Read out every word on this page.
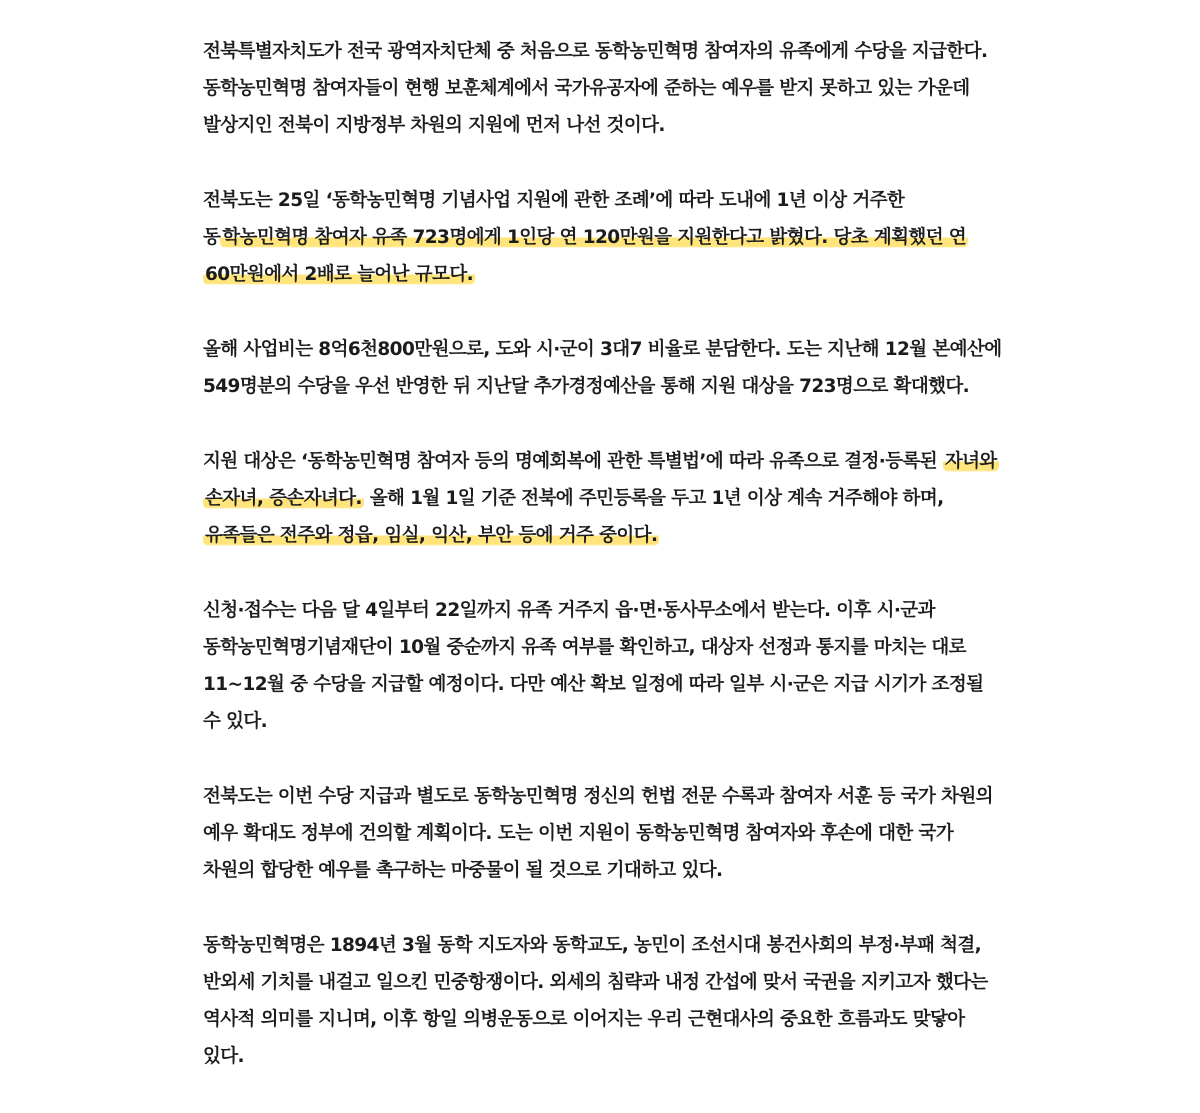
전북특별자치도가 전국 광역자치단체 중 처음으로 동학농민혁명 참여자의 유족에게 수당을 지급한다. 동학농민혁명 참여자들이 현행 보훈체계에서 국가유공자에 준하는 예우를 받지 못하고 있는 가운데 발상지인 전북이 지방정부 차원의 지원에 먼저 나선 것이다.

전북도는 25일 ‘동학농민혁명 기념사업 지원에 관한 조례’에 따라 도내에 1년 이상 거주한 동 학농민혁명 참여자 유족 723명에게 1인당 연 120만원을 지원한다고 밝혔다. 당초 계획했던 연 60만원에서 2배로 늘어난 규모다.

올해 사업비는 8억6천800만원으로, 도와 시·군이 3대7 비율로 분담한다. 도는 지난해 12월 본예산에 549명분의 수당을 우선 반영한 뒤 지난달 추가경정예산을 통해 지원 대상을 723명으로 확대했다.

지원 대상은 ‘동학농민혁명 참여자 등의 명예회복에 관한 특별법’에 따라 유족으로 결정·등록된 자녀와 손자녀, 증손자녀다. 올해 1월 1일 기준 전북에 주민등록을 두고 1년 이상 계속 거주해야 하며, 유족들은 전주와 정읍, 임실, 익산, 부안 등에 거주 중이다.

신청·접수는 다음 달 4일부터 22일까지 유족 거주지 읍·면·동사무소에서 받는다. 이후 시·군과 동학농민혁명기념재단이 10월 중순까지 유족 여부를 확인하고, 대상자 선정과 통지를 마치는 대로 11~12월 중 수당을 지급할 예정이다. 다만 예산 확보 일정에 따라 일부 시·군은 지급 시기가 조정될 수 있다.

전북도는 이번 수당 지급과 별도로 동학농민혁명 정신의 헌법 전문 수록과 참여자 서훈 등 국가 차원의 예우 확대도 정부에 건의할 계획이다. 도는 이번 지원이 동학농민혁명 참여자와 후손에 대한 국가 차원의 합당한 예우를 촉구하는 마중물이 될 것으로 기대하고 있다.

동학농민혁명은 1894년 3월 동학 지도자와 동학교도, 농민이 조선시대 봉건사회의 부정·부패 척결, 반외세 기치를 내걸고 일으킨 민중항쟁이다. 외세의 침략과 내정 간섭에 맞서 국권을 지키고자 했다는 역사적 의미를 지니며, 이후 항일 의병운동으로 이어지는 우리 근현대사의 중요한 흐름과도 맞닿아 있다.
